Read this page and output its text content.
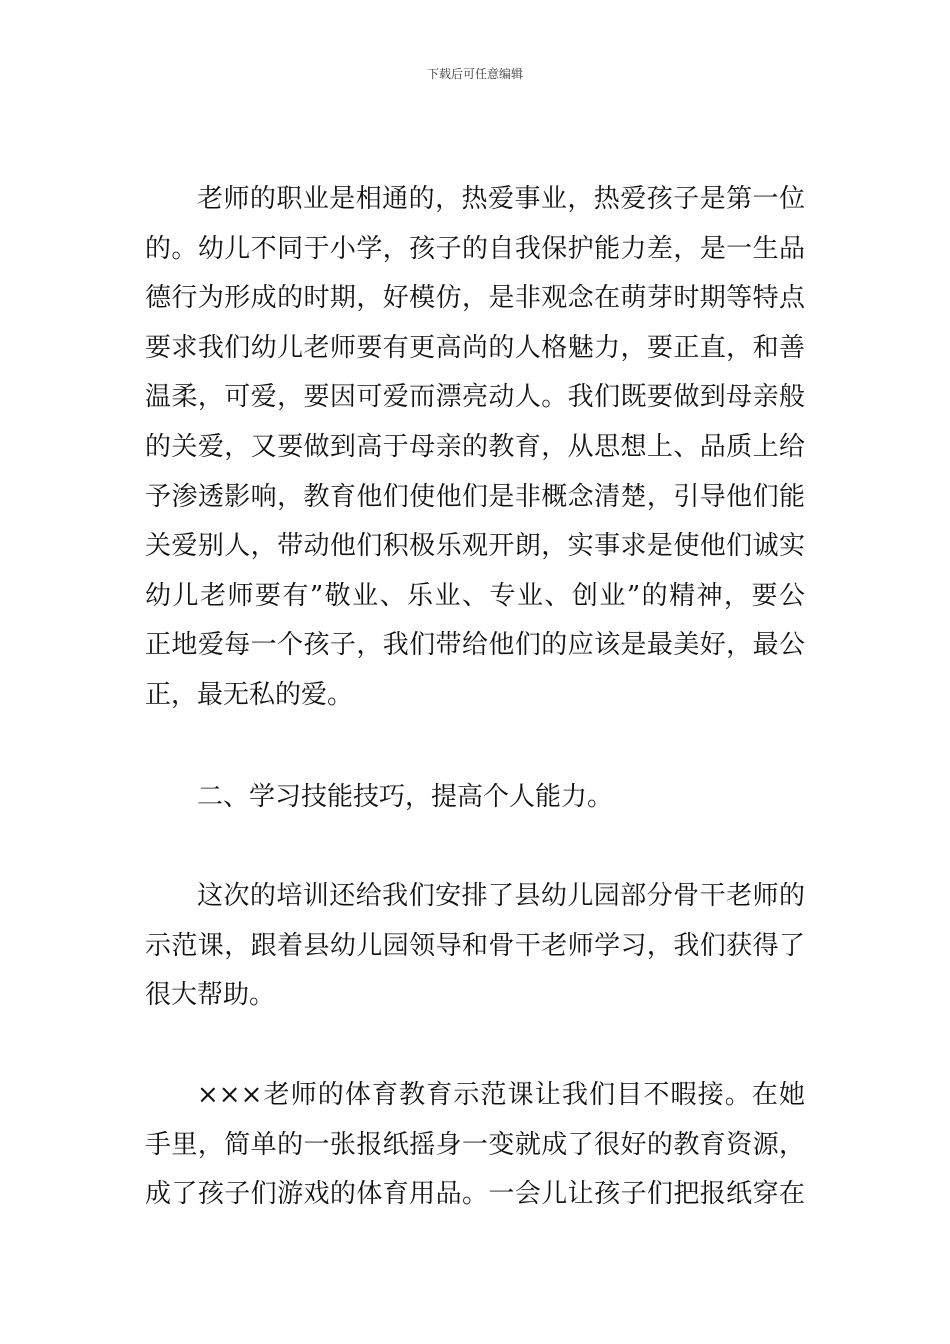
下载后可任意编辑
老师的职业是相通的，热爱事业，热爱孩子是第一位
的。幼儿不同于小学，孩子的自我保护能力差，是一生品
德行为形成的时期，好模仿，是非观念在萌芽时期等特点
要求我们幼儿老师要有更高尚的人格魅力，要正直，和善
温柔，可爱，要因可爱而漂亮动人。我们既要做到母亲般
的关爱，又要做到高于母亲的教育，从思想上、品质上给
予渗透影响，教育他们使他们是非概念清楚，引导他们能
关爱别人，带动他们积极乐观开朗，实事求是使他们诚实
幼儿老师要有”敬业、乐业、专业、创业”的精神，要公
正地爱每一个孩子，我们带给他们的应该是最美好，最公
正，最无私的爱。
二、学习技能技巧，提高个人能力。
这次的培训还给我们安排了县幼儿园部分骨干老师的
示范课，跟着县幼儿园领导和骨干老师学习，我们获得了
很大帮助。
×××老师的体育教育示范课让我们目不暇接。在她
手里，简单的一张报纸摇身一变就成了很好的教育资源，
成了孩子们游戏的体育用品。一会儿让孩子们把报纸穿在
